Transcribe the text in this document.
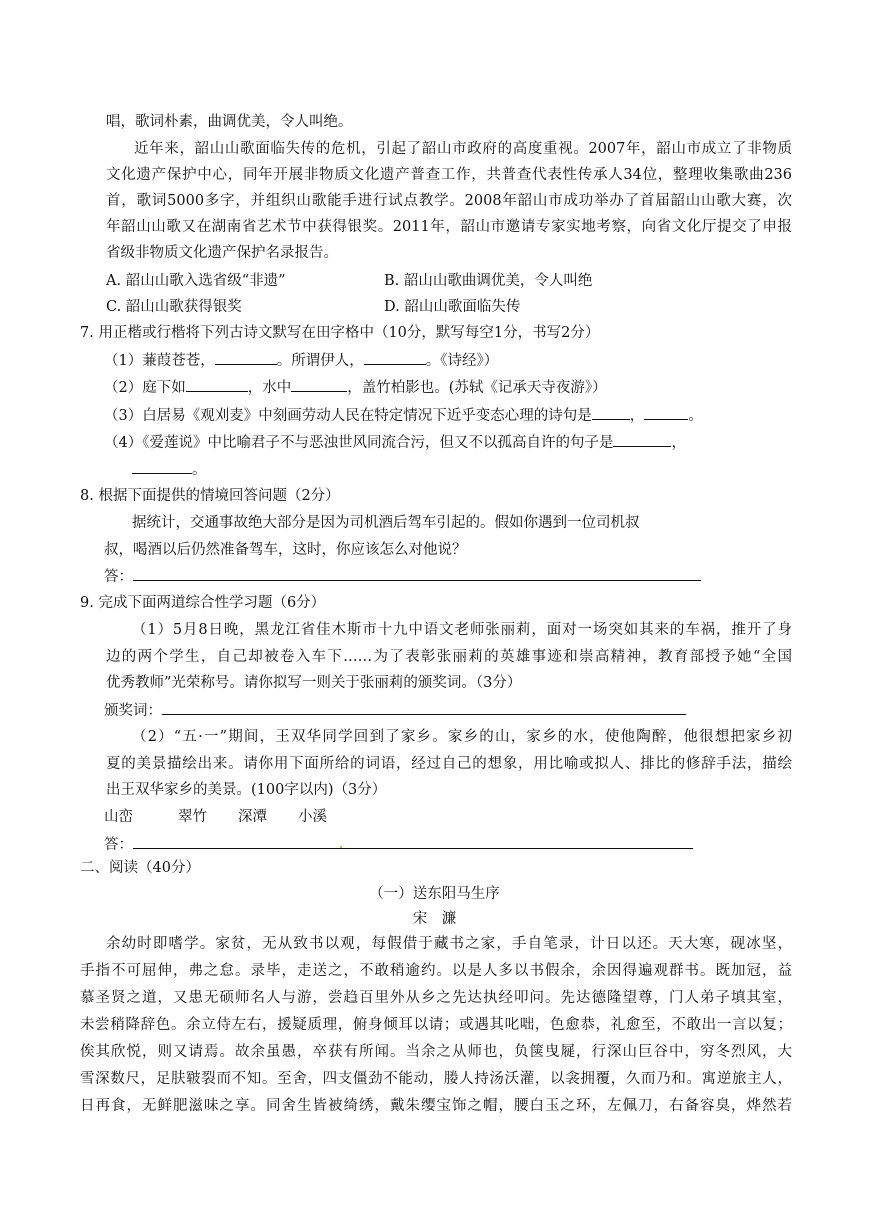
唱，歌词朴素，曲调优美，令人叫绝。
近年来，韶山山歌面临失传的危机，引起了韶山市政府的高度重视。2007年，韶山市成立了非物质
文化遗产保护中心，同年开展非物质文化遗产普查工作，共普查代表性传承人34位，整理收集歌曲236
首，歌词5000多字，并组织山歌能手进行试点教学。2008年韶山市成功举办了首届韶山山歌大赛，次
年韶山山歌又在湖南省艺术节中获得银奖。2011年，韶山市邀请专家实地考察，向省文化厅提交了申报
省级非物质文化遗产保护名录报告。
A. 韶山山歌入选省级“非遗”	B. 韶山山歌曲调优美，令人叫绝
C. 韶山山歌获得银奖	D. 韶山山歌面临失传
7. 用正楷或行楷将下列古诗文默写在田字格中（10分，默写每空1分，书写2分）
（1）蒹葭苍苍，	。所谓伊人，	。《诗经》）
（2）庭下如	，水中	，盖竹柏影也。(苏轼《记承天寺夜游》）
（3）白居易《观刈麦》中刻画劳动人民在特定情况下近乎变态心理的诗句是	，	。
（4）《爱莲说》中比喻君子不与恶浊世风同流合污，但又不以孤高自许的句子是	，
。
8. 根据下面提供的情境回答问题（2分）
据统计，交通事故绝大部分是因为司机酒后驾车引起的。假如你遇到一位司机叔
叔，喝酒以后仍然准备驾车，这时，你应该怎么对他说？
答：
9. 完成下面两道综合性学习题（6分）
（1）5月8日晚，黑龙江省佳木斯市十九中语文老师张丽莉，面对一场突如其来的车祸，推开了身
边的两个学生，自己却被卷入车下……为了表彰张丽莉的英雄事迹和崇高精神，教育部授予她“全国
优秀教师”光荣称号。请你拟写一则关于张丽莉的颁奖词。（3分）
颁奖词：
（2）“五·一”期间，王双华同学回到了家乡。家乡的山，家乡的水，使他陶醉，他很想把家乡初
夏的美景描绘出来。请你用下面所给的词语，经过自己的想象，用比喻或拟人、排比的修辞手法，描绘
出王双华家乡的美景。(100字以内)（3分）
山峦	翠竹 深潭 小溪
答：
二、阅读（40分）
（一）送东阳马生序
宋　濂
余幼时即嗜学。家贫，无从致书以观，每假借于藏书之家，手自笔录，计日以还。天大寒，砚冰坚，
手指不可屈伸，弗之怠。录毕，走送之，不敢稍逾约。以是人多以书假余，余因得遍观群书。既加冠，益
慕圣贤之道，又患无硕师名人与游，尝趋百里外从乡之先达执经叩问。先达德隆望尊，门人弟子填其室，
未尝稍降辞色。余立侍左右，援疑质理，俯身倾耳以请；或遇其叱咄，色愈恭，礼愈至，不敢出一言以复；
俟其欣悦，则又请焉。故余虽愚，卒获有所闻。当余之从师也，负箧曳屣，行深山巨谷中，穷冬烈风，大
雪深数尺，足肤皲裂而不知。至舍，四支僵劲不能动，媵人持汤沃灌，以衾拥覆，久而乃和。寓逆旅主人，
日再食，无鲜肥滋味之享。同舍生皆被绮绣，戴朱缨宝饰之帽，腰白玉之环，左佩刀，右备容臭，烨然若
